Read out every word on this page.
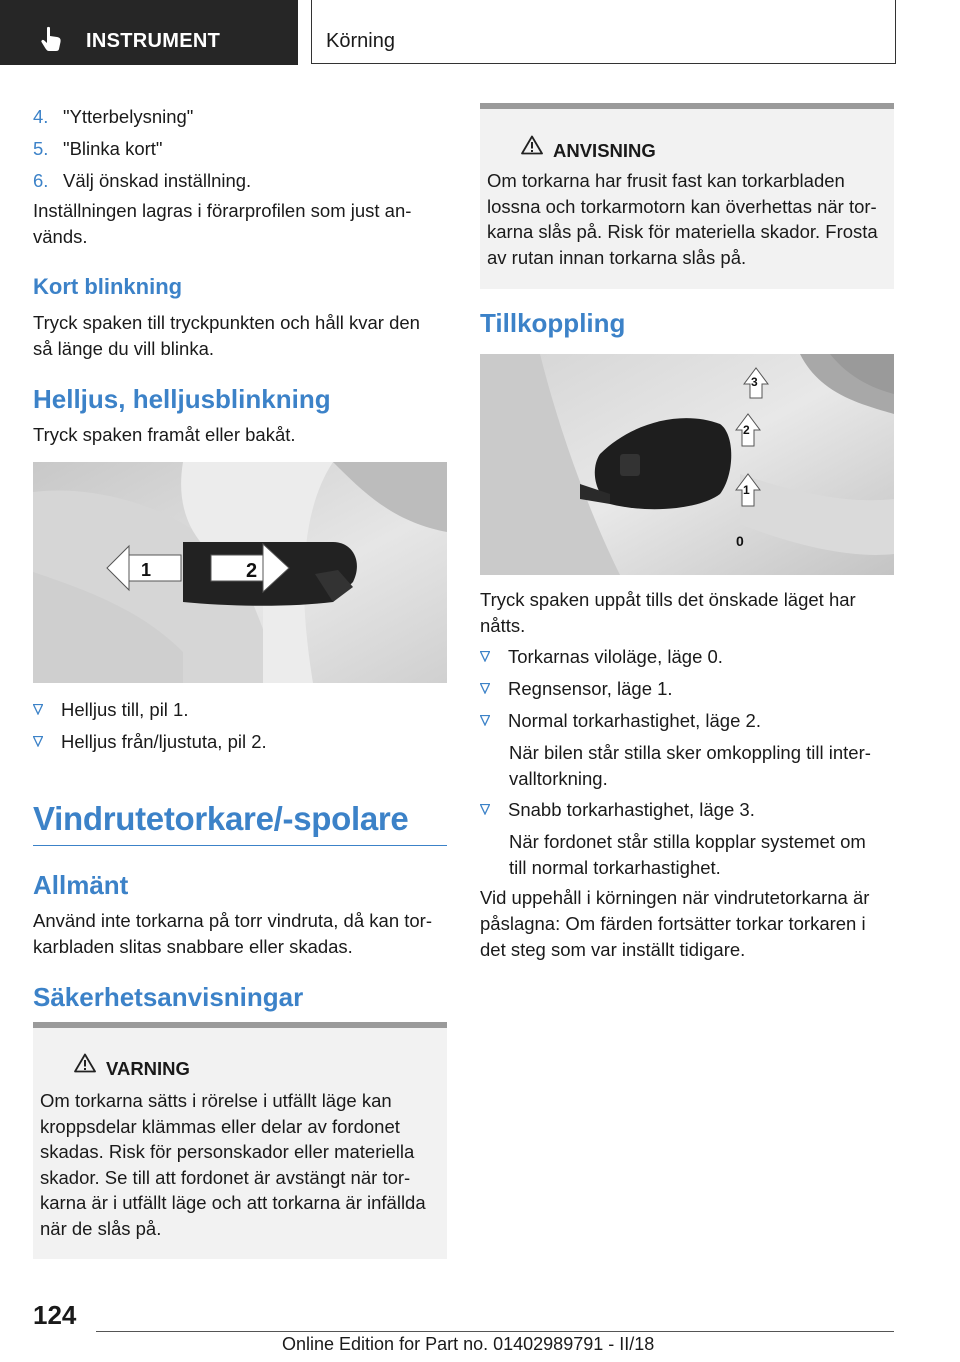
INSTRUMENT	Körning
4. "Ytterbelysning"
5. "Blinka kort"
6. Välj önskad inställning.
Inställningen lagras i förarprofilen som just an‐
vänds.
Kort blinkning
Tryck spaken till tryckpunkten och håll kvar den
så länge du vill blinka.
Helljus, helljusblinkning
Tryck spaken framåt eller bakåt.
1	2
Helljus till, pil 1.
Helljus från/ljustuta, pil 2.
Vindrutetorkare/-spolare
Allmänt
Använd inte torkarna på torr vindruta, då kan tor‐
karbladen slitas snabbare eller skadas.
Säkerhetsanvisningar
VARNING
Om torkarna sätts i rörelse i utfällt läge kan
kroppsdelar klämmas eller delar av fordonet
skadas. Risk för personskador eller materiella
skador. Se till att fordonet är avstängt när tor‐
karna är i utfällt läge och att torkarna är infällda
när de slås på.
ANVISNING
Om torkarna har frusit fast kan torkarbladen
lossna och torkarmotorn kan överhettas när tor‐
karna slås på. Risk för materiella skador. Frosta
av rutan innan torkarna slås på.
Tillkoppling
3
2
1
0
Tryck spaken uppåt tills det önskade läget har
nåtts.
Torkarnas viloläge, läge 0.
Regnsensor, läge 1.
Normal torkarhastighet, läge 2.
När bilen står stilla sker omkoppling till inter‐
valltorkning.
Snabb torkarhastighet, läge 3.
När fordonet står stilla kopplar systemet om
till normal torkarhastighet.
Vid uppehåll i körningen när vindrutetorkarna är
påslagna: Om färden fortsätter torkar torkaren i
det steg som var inställt tidigare.
124
Online Edition for Part no. 01402989791 - II/18
